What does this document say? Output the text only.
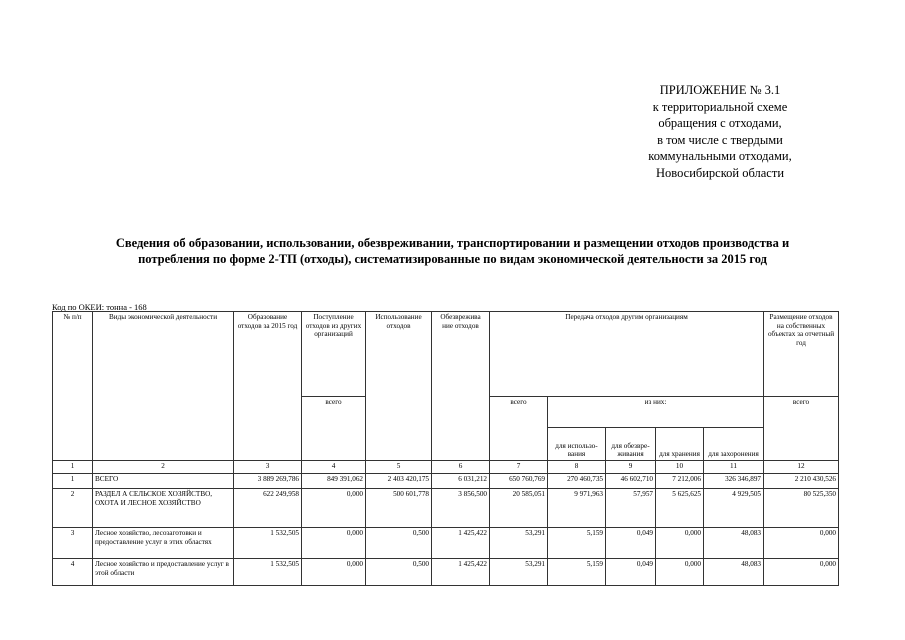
ПРИЛОЖЕНИЕ № 3.1
к территориальной схеме
обращения с отходами,
в том числе с твердыми
коммунальными отходами,
Новосибирской области
Сведения об образовании, использовании, обезвреживании, транспортировании и размещении отходов производства и потребления по форме 2-ТП (отходы), систематизированные по видам экономической деятельности за 2015 год
Код по ОКЕИ: тонна - 168
№ п/п	Виды экономической деятельности	Образование отходов за 2015 год	Поступление отходов из других организаций	Использование отходов	Обезврежива ние отходов	Передача отходов другим организациям					Размещение отходов на собственных объектах за отчетный год
			всего			всего	из них:				всего
							для использо- вания	для обезвре- живания	для хранения	для захоронения	
1	2	3	4	5	6	7	8	9	10	11	12
1	ВСЕГО	3 889 269,786	849 391,062	2 403 420,175	6 031,212	650 760,769	270 460,735	46 602,710	7 212,006	326 346,897	2 210 430,526
2	РАЗДЕЛ А СЕЛЬСКОЕ ХОЗЯЙСТВО, ОХОТА И ЛЕСНОЕ ХОЗЯЙСТВО	622 249,958	0,000	500 601,778	3 856,500	20 585,051	9 971,963	57,957	5 625,625	4 929,505	80 525,350
3	Лесное хозяйство, лесозаготовки и предоставление услуг в этих областях	1 532,505	0,000	0,500	1 425,422	53,291	5,159	0,049	0,000	48,083	0,000
4	Лесное хозяйство и предоставление услуг в этой области	1 532,505	0,000	0,500	1 425,422	53,291	5,159	0,049	0,000	48,083	0,000
